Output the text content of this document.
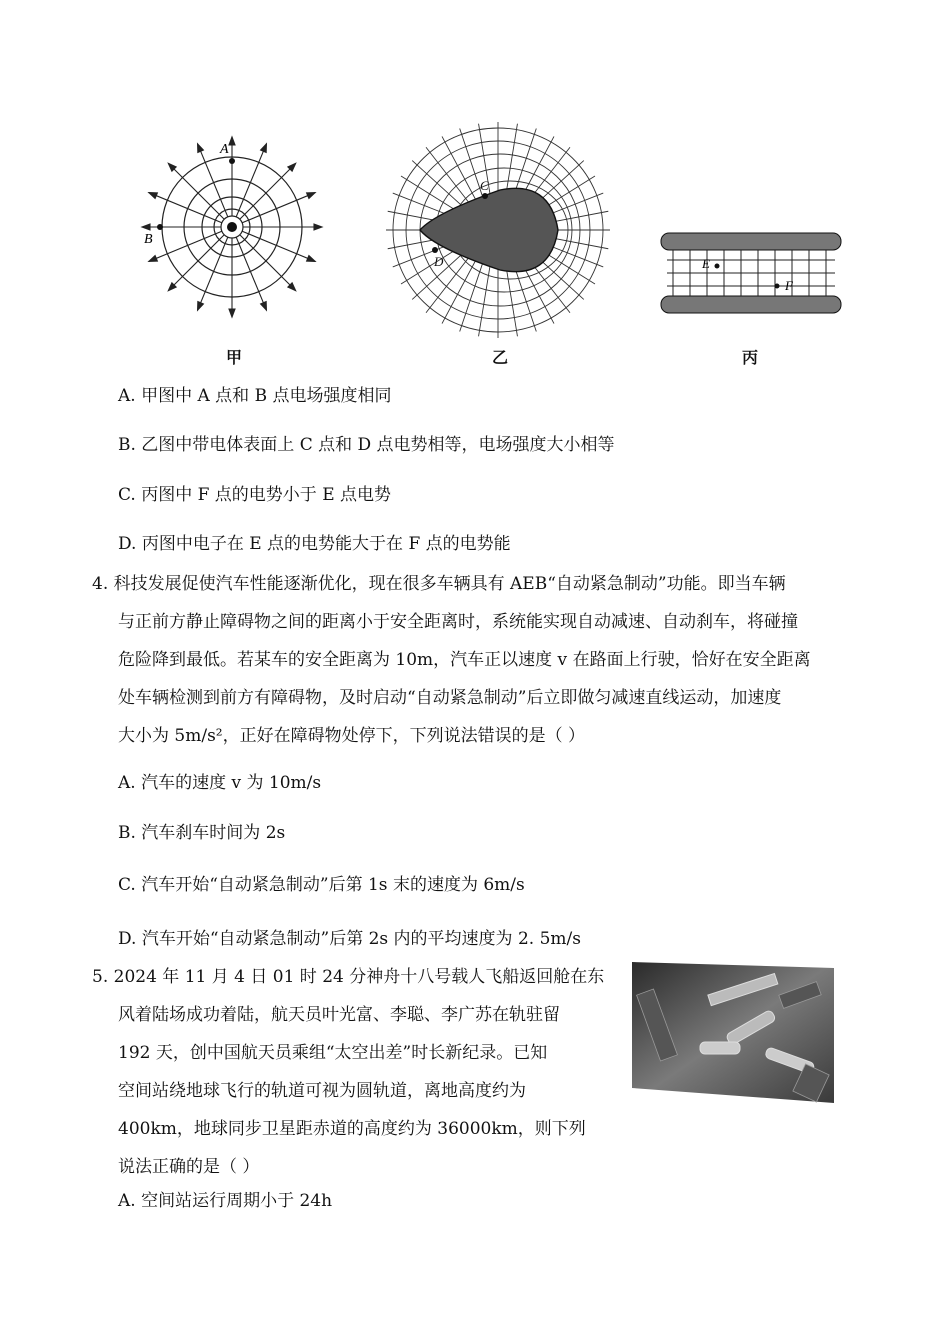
A
B
C
D	E
F
甲	乙	丙
A. 甲图中 A 点和 B 点电场强度相同
B. 乙图中带电体表面上 C 点和 D 点电势相等，电场强度大小相等
C. 丙图中 F 点的电势小于 E 点电势
D. 丙图中电子在 E 点的电势能大于在 F 点的电势能
4. 科技发展促使汽车性能逐渐优化，现在很多车辆具有 AEB“自动紧急制动”功能。即当车辆
与正前方静止障碍物之间的距离小于安全距离时，系统能实现自动减速、自动刹车，将碰撞
危险降到最低。若某车的安全距离为 10m，汽车正以速度 v 在路面上行驶，恰好在安全距离
处车辆检测到前方有障碍物，及时启动“自动紧急制动”后立即做匀减速直线运动，加速度
大小为 5m/s²，正好在障碍物处停下，下列说法错误的是（ ）
A. 汽车的速度 v 为 10m/s
B. 汽车刹车时间为 2s
C. 汽车开始“自动紧急制动”后第 1s 末的速度为 6m/s
D. 汽车开始“自动紧急制动”后第 2s 内的平均速度为 2. 5m/s
5. 2024 年 11 月 4 日 01 时 24 分神舟十八号载人飞船返回舱在东
风着陆场成功着陆，航天员叶光富、李聪、李广苏在轨驻留
192 天，创中国航天员乘组“太空出差”时长新纪录。已知
空间站绕地球飞行的轨道可视为圆轨道，离地高度约为
400km，地球同步卫星距赤道的高度约为 36000km，则下列
说法正确的是（ ）
A. 空间站运行周期小于 24h
